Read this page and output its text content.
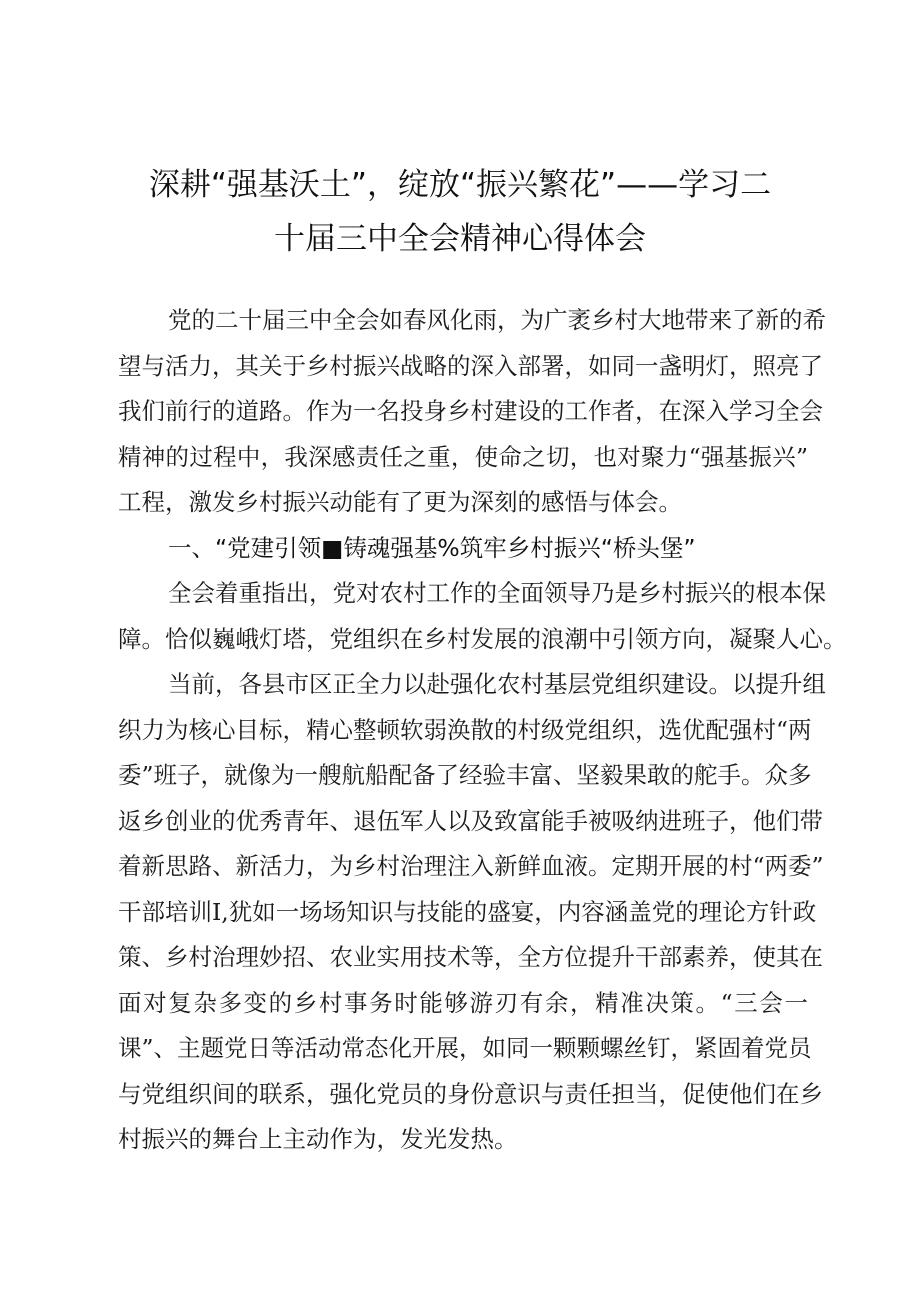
深耕“强基沃土”，绽放“振兴繁花”——学习二
十届三中全会精神心得体会
党的二十届三中全会如春风化雨，为广袤乡村大地带来了新的希
望与活力，其关于乡村振兴战略的深入部署，如同一盏明灯，照亮了
我们前行的道路。作为一名投身乡村建设的工作者，在深入学习全会
精神的过程中，我深感责任之重，使命之切，也对聚力“强基振兴”
工程，激发乡村振兴动能有了更为深刻的感悟与体会。
一、“党建引领■铸魂强基%筑牢乡村振兴“桥头堡”
全会着重指出，党对农村工作的全面领导乃是乡村振兴的根本保
障。恰似巍峨灯塔，党组织在乡村发展的浪潮中引领方向，凝聚人心。
当前，各县市区正全力以赴强化农村基层党组织建设。以提升组
织力为核心目标，精心整顿软弱涣散的村级党组织，选优配强村“两
委”班子，就像为一艘航船配备了经验丰富、坚毅果敢的舵手。众多
返乡创业的优秀青年、退伍军人以及致富能手被吸纳进班子，他们带
着新思路、新活力，为乡村治理注入新鲜血液。定期开展的村“两委”
干部培训I,犹如一场场知识与技能的盛宴，内容涵盖党的理论方针政
策、乡村治理妙招、农业实用技术等，全方位提升干部素养，使其在
面对复杂多变的乡村事务时能够游刃有余，精准决策。“三会一
课”、主题党日等活动常态化开展，如同一颗颗螺丝钉，紧固着党员
与党组织间的联系，强化党员的身份意识与责任担当，促使他们在乡
村振兴的舞台上主动作为，发光发热。
